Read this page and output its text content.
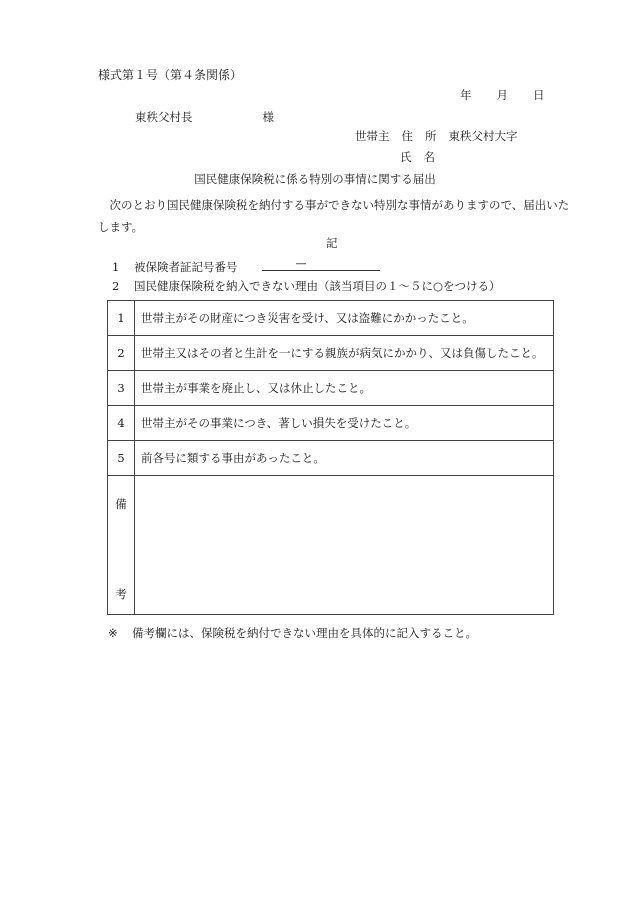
様式第１号（第４条関係）
年 月 日
東秩父村長	様
世帯主 住 所 東秩父村大字
氏 名
国民健康保険税に係る特別の事情に関する届出
次のとおり国民健康保険税を納付する事ができない特別な事情がありますので、届出いたします。
記
1 被保険者証記号番号	—
2 国民健康保険税を納入できない理由（該当項目の１～５に○をつける）
1	世帯主がその財産につき災害を受け、又は盗難にかかったこと。
2	世帯主又はその者と生計を一にする親族が病気にかかり、又は負傷したこと。
3	世帯主が事業を廃止し、又は休止したこと。
4	世帯主がその事業につき、著しい損失を受けたこと。
5	前各号に類する事由があったこと。

備
考	

※ 備考欄には、保険税を納付できない理由を具体的に記入すること。
